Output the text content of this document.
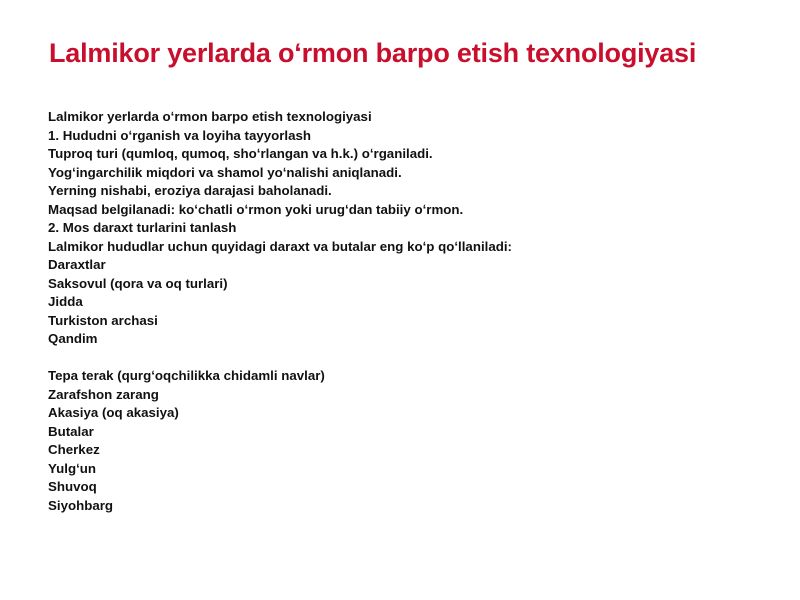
Lalmikor yerlarda oʻrmon barpo etish texnologiyasi
Lalmikor yerlarda oʻrmon barpo etish texnologiyasi
1. Hududni oʻrganish va loyiha tayyorlash
Tuproq turi (qumloq, qumoq, shoʻrlangan va h.k.) oʻrganiladi.
Yogʻingarchilik miqdori va shamol yoʻnalishi aniqlanadi.
Yerning nishabi, eroziya darajasi baholanadi.
Maqsad belgilanadi: koʻchatli oʻrmon yoki urugʻdan tabiiy oʻrmon.
2. Mos daraxt turlarini tanlash
Lalmikor hududlar uchun quyidagi daraxt va butalar eng koʻp qoʻllaniladi:
Daraxtlar
Saksovul (qora va oq turlari)
Jidda
Turkiston archasi
Qandim
Tepa terak (qurgʻoqchilikka chidamli navlar)
Zarafshon zarang
Akasiya (oq akasiya)
Butalar
Cherkez
Yulgʻun
Shuvoq
Siyohbarg
